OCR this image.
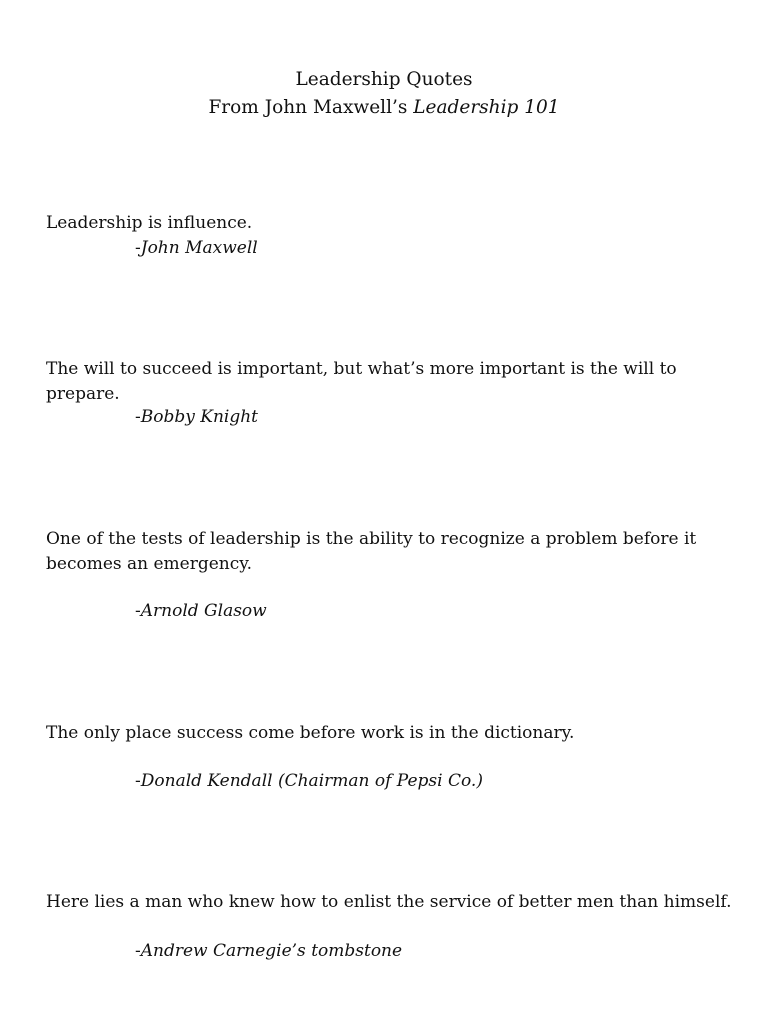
Leadership Quotes
From John Maxwell’s Leadership 101
Leadership is influence.
-John Maxwell
The will to succeed is important, but what’s more important is the will to prepare.
-Bobby Knight
One of the tests of leadership is the ability to recognize a problem before it becomes an emergency.
-Arnold Glasow
The only place success come before work is in the dictionary.
-Donald Kendall (Chairman of Pepsi Co.)
Here lies a man who knew how to enlist the service of better men than himself.
-Andrew Carnegie’s tombstone
